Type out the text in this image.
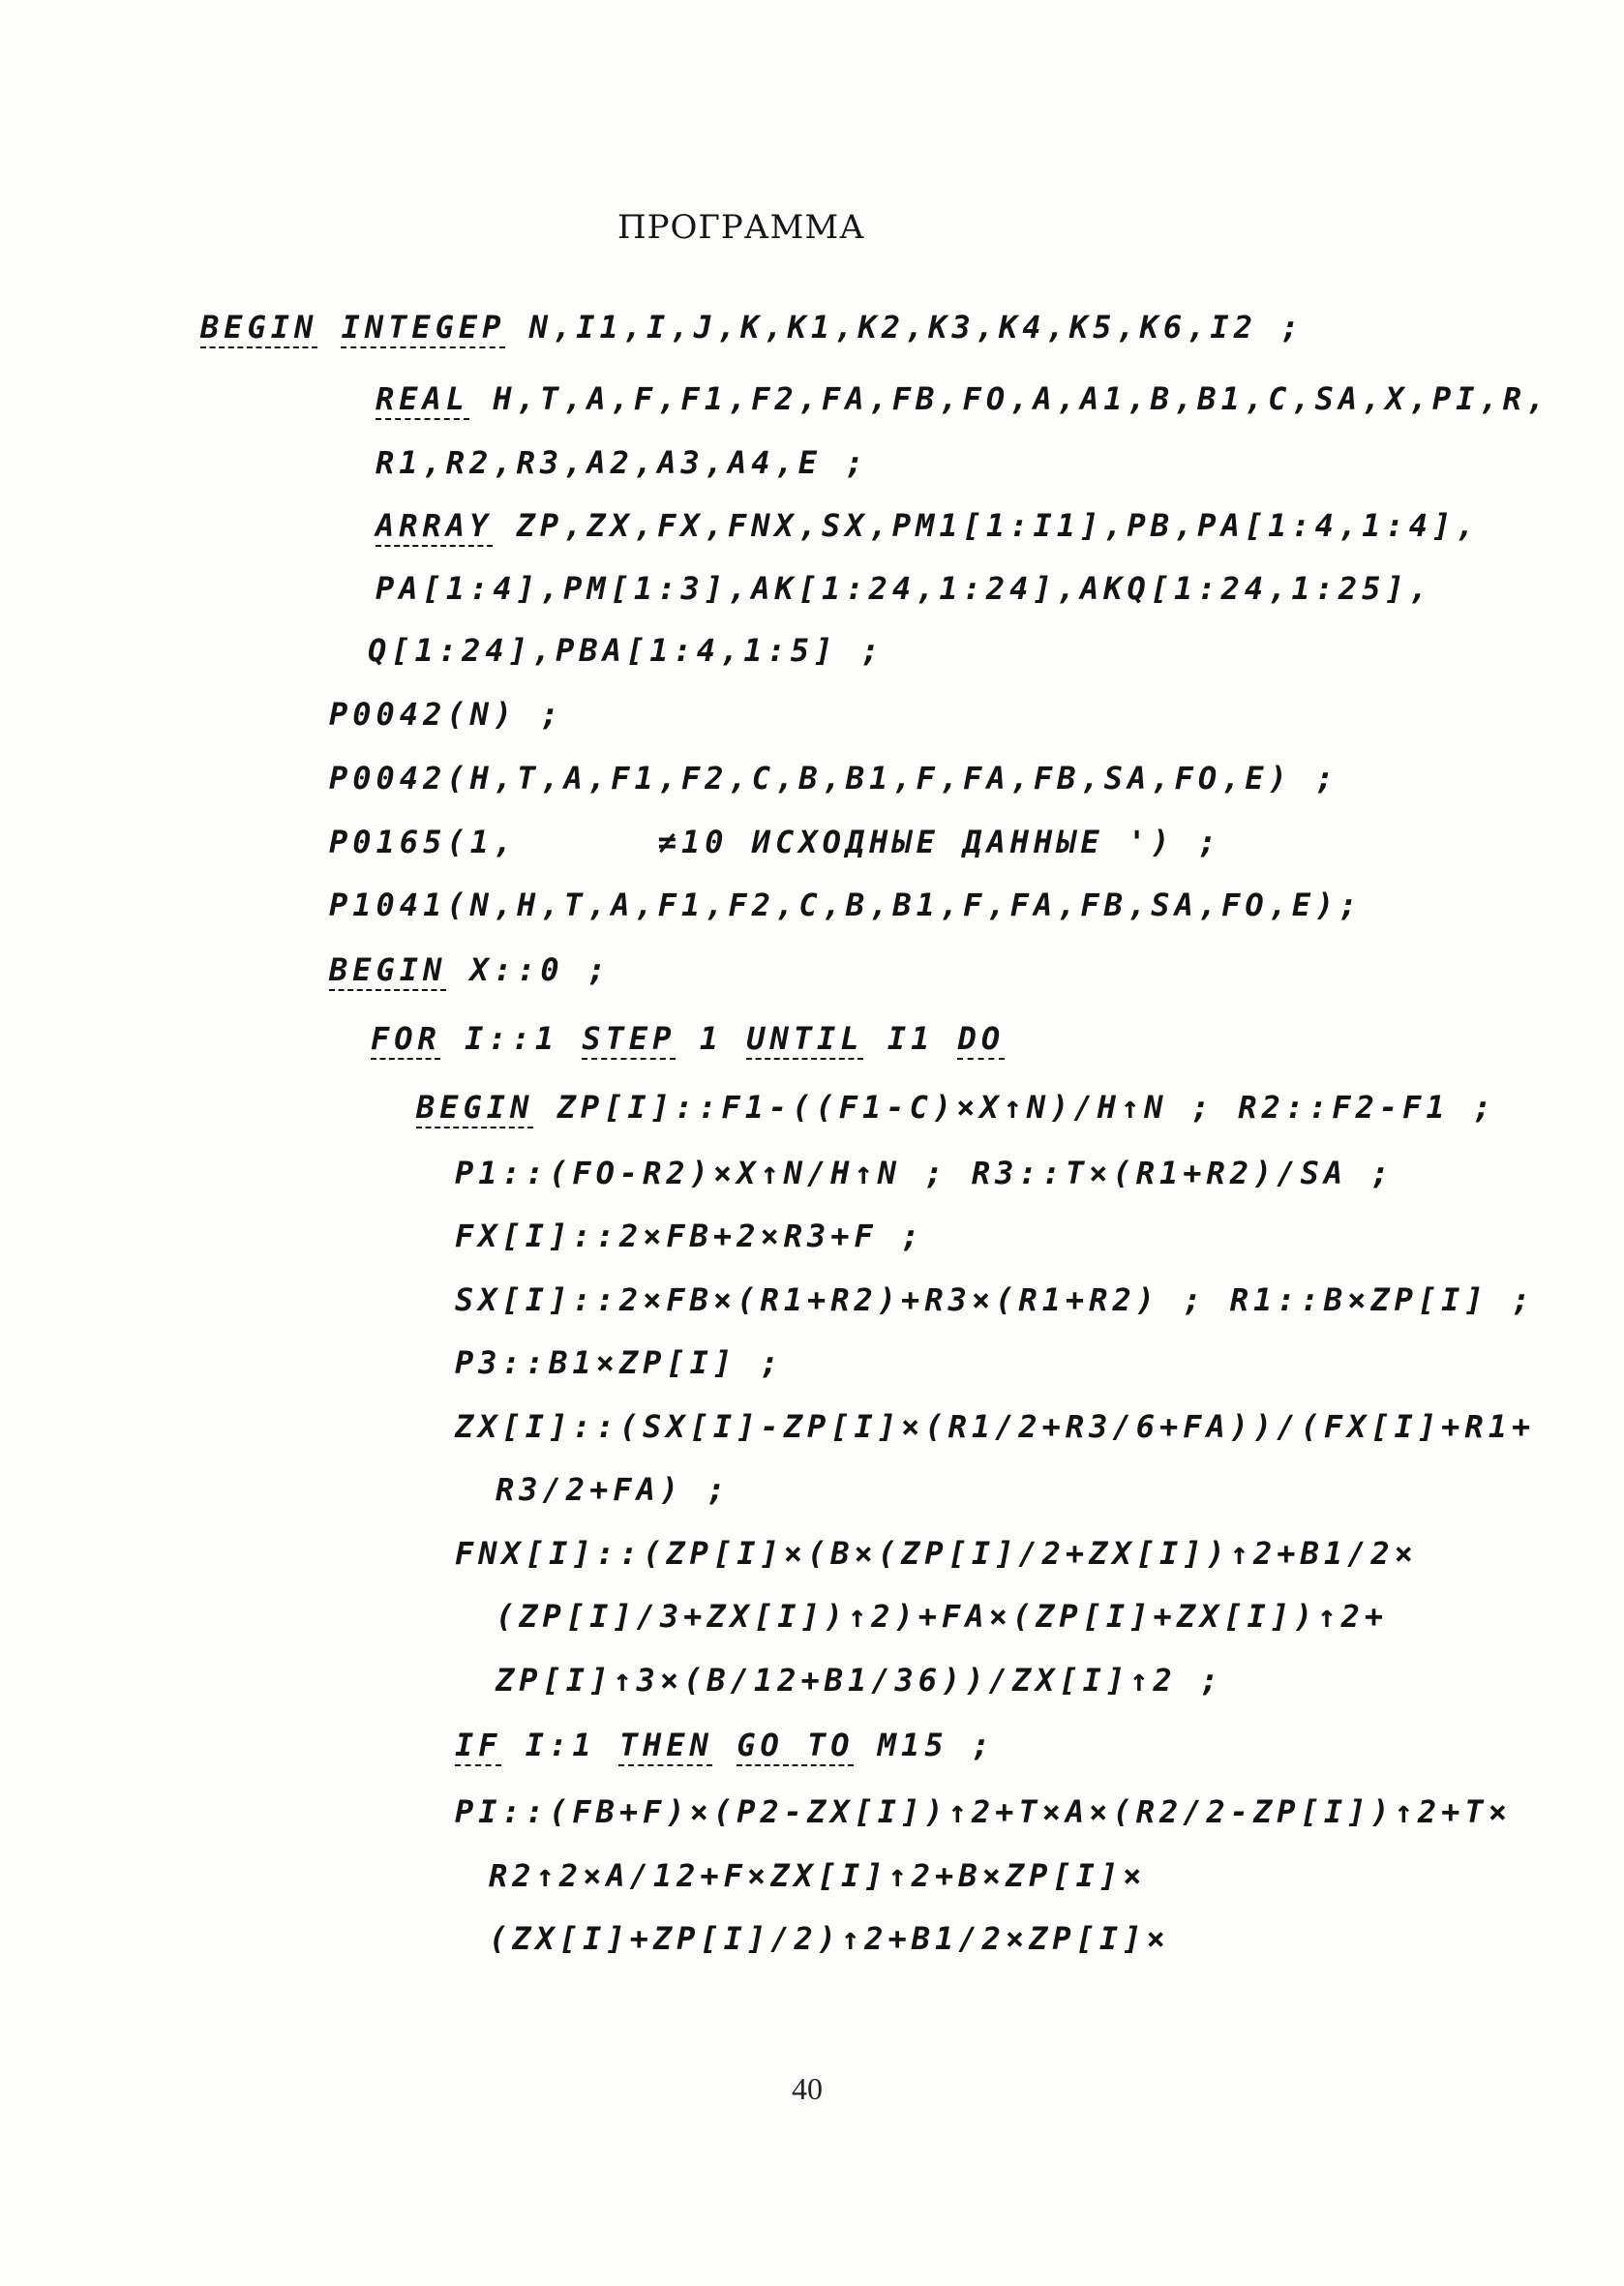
ПРОГРАММА
BEGIN INTEGEP N,I1,I,J,K,K1,K2,K3,K4,K5,K6,I2 ;
REAL H,T,A,F,F1,F2,FA,FB,FO,A,A1,B,B1,C,SA,X,PI,R,
R1,R2,R3,A2,A3,A4,E ;
ARRAY ZP,ZX,FX,FNX,SX,PM1[1:I1],PB,PA[1:4,1:4],
PA[1:4],PM[1:3],AK[1:24,1:24],AKQ[1:24,1:25],
Q[1:24],PBA[1:4,1:5] ;
P0042(N) ;
P0042(H,T,A,F1,F2,C,B,B1,F,FA,FB,SA,FO,E) ;
P0165(1,      ≠10 ИСХОДНЫЕ ДАННЫЕ ') ;
P1041(N,H,T,A,F1,F2,C,B,B1,F,FA,FB,SA,FO,E);
BEGIN X::0 ;
FOR I::1 STEP 1 UNTIL I1 DO
BEGIN ZP[I]::F1-((F1-C)×X↑N)/H↑N ; R2::F2-F1 ;
P1::(FO-R2)×X↑N/H↑N ; R3::T×(R1+R2)/SA ;
FX[I]::2×FB+2×R3+F ;
SX[I]::2×FB×(R1+R2)+R3×(R1+R2) ; R1::B×ZP[I] ;
P3::B1×ZP[I] ;
ZX[I]::(SX[I]-ZP[I]×(R1/2+R3/6+FA))/(FX[I]+R1+
R3/2+FA) ;
FNX[I]::(ZP[I]×(B×(ZP[I]/2+ZX[I])↑2+B1/2×
(ZP[I]/3+ZX[I])↑2)+FA×(ZP[I]+ZX[I])↑2+
ZP[I]↑3×(B/12+B1/36))/ZX[I]↑2 ;
IF I:1 THEN GO TO M15 ;
PI::(FB+F)×(P2-ZX[I])↑2+T×A×(R2/2-ZP[I])↑2+T×
R2↑2×A/12+F×ZX[I]↑2+B×ZP[I]×
(ZX[I]+ZP[I]/2)↑2+B1/2×ZP[I]×
40
